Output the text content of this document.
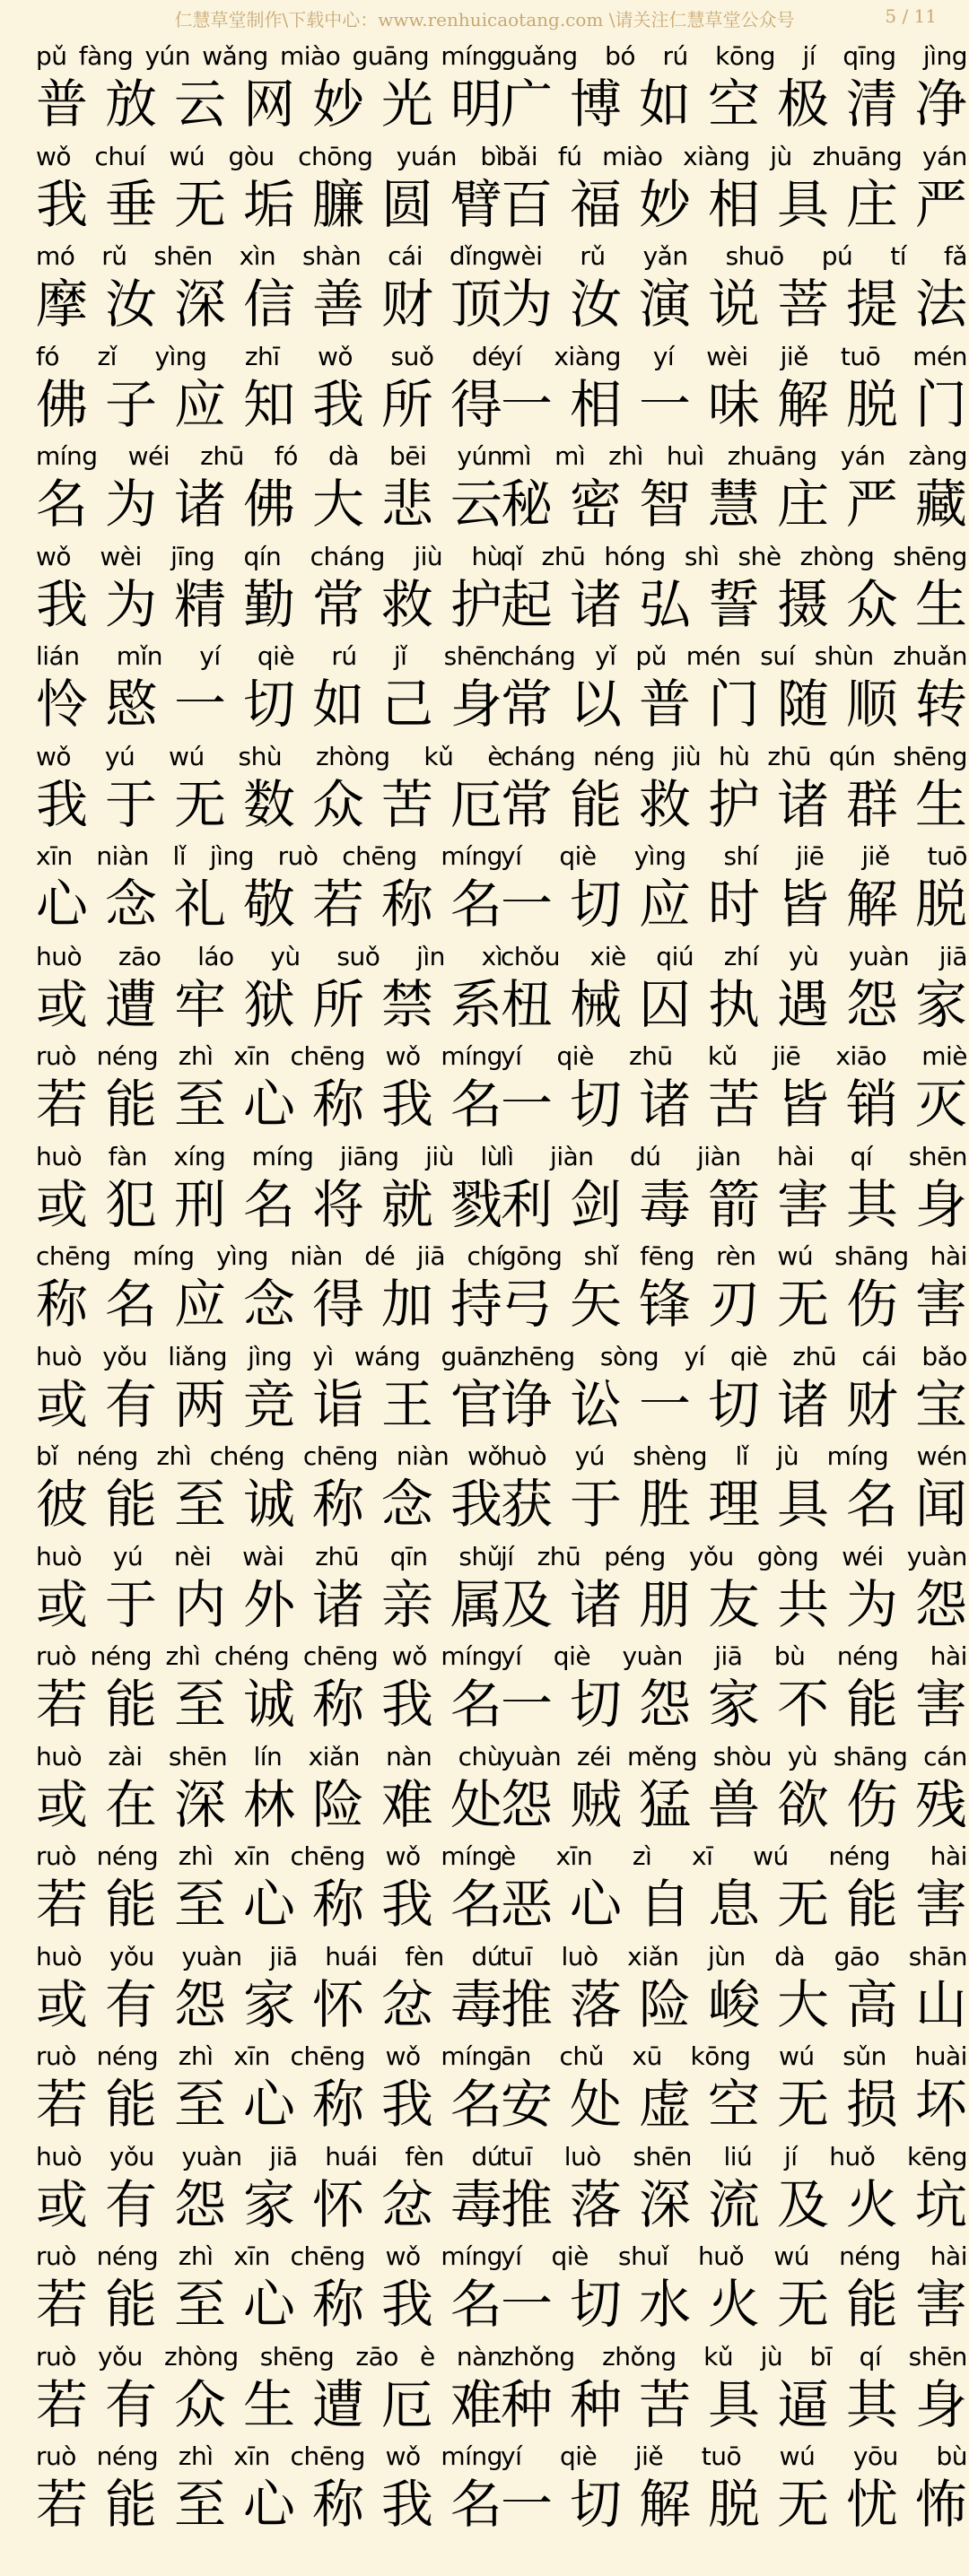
仁慧草堂制作\下载中心：www.renhuicaotang.com \请关注仁慧草堂公众号	5 / 11
pǔ fàng yún wǎng miào guāng míng
普 放 云 网 妙 光 明
wǒ chuí wú gòu chōng yuán bì
我 垂 无 垢 臁 圆 臂
mó rǔ shēn xìn shàn cái dǐng
摩 汝 深 信 善 财 顶
fó zǐ yìng zhī wǒ suǒ dé
佛 子 应 知 我 所 得
míng wéi zhū fó dà bēi yún
名 为 诸 佛 大 悲 云
wǒ wèi jīng qín cháng jiù hù
我 为 精 勤 常 救 护
lián mǐn yí qiè rú jǐ shēn
怜 愍 一 切 如 己 身
wǒ yú wú shù zhòng kǔ è
我 于 无 数 众 苦 厄
xīn niàn lǐ jìng ruò chēng míng
心 念 礼 敬 若 称 名
huò zāo láo yù suǒ jìn xì
或 遭 牢 狱 所 禁 系
ruò néng zhì xīn chēng wǒ míng
若 能 至 心 称 我 名
huò fàn xíng míng jiāng jiù lù
或 犯 刑 名 将 就 戮
chēng míng yìng niàn dé jiā chí
称 名 应 念 得 加 持
huò yǒu liǎng jìng yì wáng guān
或 有 两 竞 诣 王 官
bǐ néng zhì chéng chēng niàn wǒ
彼 能 至 诚 称 念 我
huò yú nèi wài zhū qīn shǔ
或 于 内 外 诸 亲 属
ruò néng zhì chéng chēng wǒ míng
若 能 至 诚 称 我 名
huò zài shēn lín xiǎn nàn chù
或 在 深 林 险 难 处
ruò néng zhì xīn chēng wǒ míng
若 能 至 心 称 我 名
huò yǒu yuàn jiā huái fèn dú
或 有 怨 家 怀 忿 毒
ruò néng zhì xīn chēng wǒ míng
若 能 至 心 称 我 名
huò yǒu yuàn jiā huái fèn dú
或 有 怨 家 怀 忿 毒
ruò néng zhì xīn chēng wǒ míng
若 能 至 心 称 我 名
ruò yǒu zhòng shēng zāo è nàn
若 有 众 生 遭 厄 难
ruò néng zhì xīn chēng wǒ míng
若 能 至 心 称 我 名
guǎng bó rú kōng jí qīng jìng
广 博 如 空 极 清 净
bǎi fú miào xiàng jù zhuāng yán
百 福 妙 相 具 庄 严
wèi rǔ yǎn shuō pú tí fǎ
为 汝 演 说 菩 提 法
yí xiàng yí wèi jiě tuō mén
一 相 一 味 解 脱 门
mì mì zhì huì zhuāng yán zàng
秘 密 智 慧 庄 严 藏
qǐ zhū hóng shì shè zhòng shēng
起 诸 弘 誓 摄 众 生
cháng yǐ pǔ mén suí shùn zhuǎn
常 以 普 门 随 顺 转
cháng néng jiù hù zhū qún shēng
常 能 救 护 诸 群 生
yí qiè yìng shí jiē jiě tuō
一 切 应 时 皆 解 脱
chǒu xiè qiú zhí yù yuàn jiā
杻 械 囚 执 遇 怨 家
yí qiè zhū kǔ jiē xiāo miè
一 切 诸 苦 皆 销 灭
lì jiàn dú jiàn hài qí shēn
利 剑 毒 箭 害 其 身
gōng shǐ fēng rèn wú shāng hài
弓 矢 锋 刃 无 伤 害
zhēng sòng yí qiè zhū cái bǎo
诤 讼 一 切 诸 财 宝
huò yú shèng lǐ jù míng wén
获 于 胜 理 具 名 闻
jí zhū péng yǒu gòng wéi yuàn
及 诸 朋 友 共 为 怨
yí qiè yuàn jiā bù néng hài
一 切 怨 家 不 能 害
yuàn zéi měng shòu yù shāng cán
怨 贼 猛 兽 欲 伤 残
è xīn zì xī wú néng hài
恶 心 自 息 无 能 害
tuī luò xiǎn jùn dà gāo shān
推 落 险 峻 大 高 山
ān chǔ xū kōng wú sǔn huài
安 处 虚 空 无 损 坏
tuī luò shēn liú jí huǒ kēng
推 落 深 流 及 火 坑
yí qiè shuǐ huǒ wú néng hài
一 切 水 火 无 能 害
zhǒng zhǒng kǔ jù bī qí shēn
种 种 苦 具 逼 其 身
yí qiè jiě tuō wú yōu bù
一 切 解 脱 无 忧 怖
